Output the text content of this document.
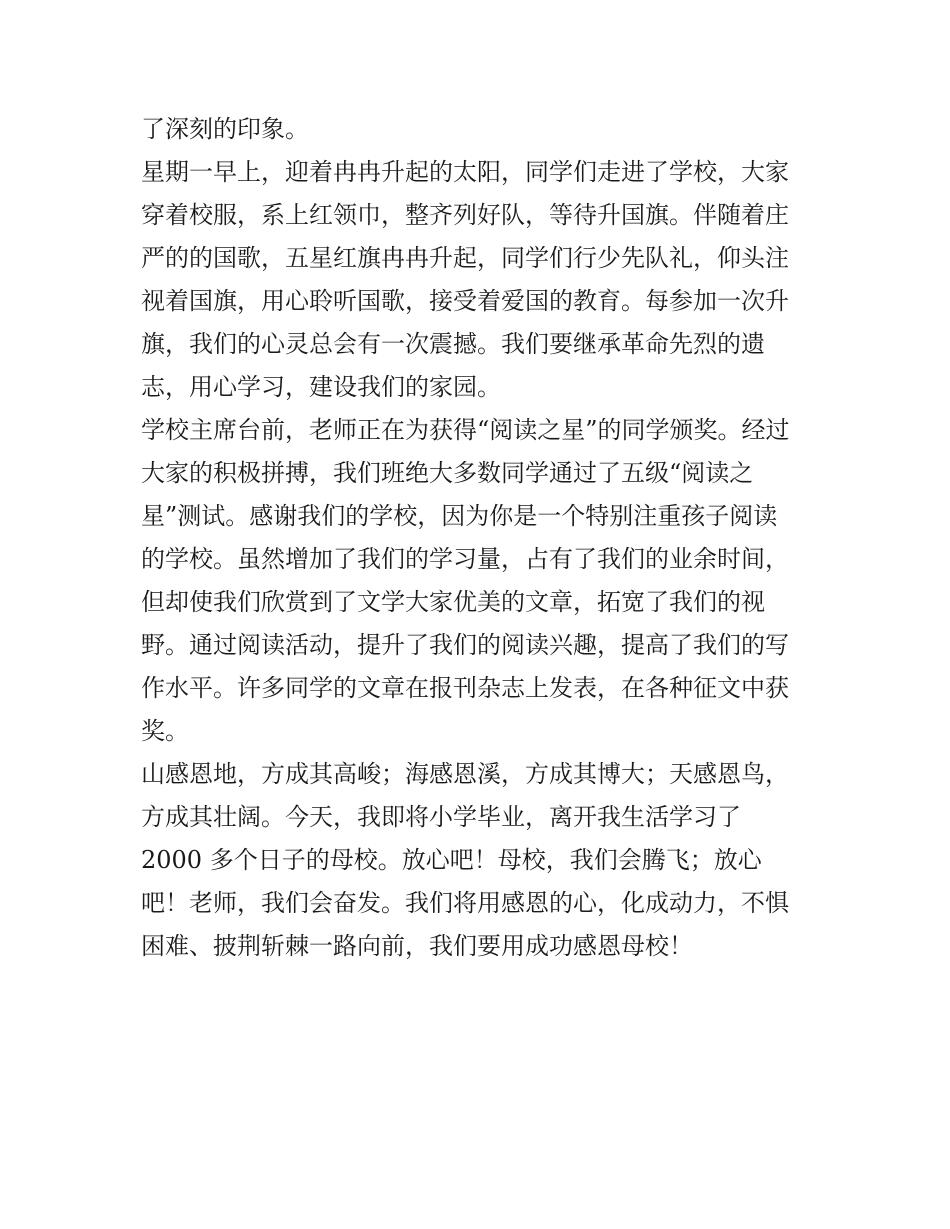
了深刻的印象。
星期一早上，迎着冉冉升起的太阳，同学们走进了学校，大家
穿着校服，系上红领巾，整齐列好队，等待升国旗。伴随着庄
严的的国歌，五星红旗冉冉升起，同学们行少先队礼，仰头注
视着国旗，用心聆听国歌，接受着爱国的教育。每参加一次升
旗，我们的心灵总会有一次震撼。我们要继承革命先烈的遗
志，用心学习，建设我们的家园。
学校主席台前，老师正在为获得“阅读之星”的同学颁奖。经过
大家的积极拼搏，我们班绝大多数同学通过了五级“阅读之
星”测试。感谢我们的学校，因为你是一个特别注重孩子阅读
的学校。虽然增加了我们的学习量，占有了我们的业余时间，
但却使我们欣赏到了文学大家优美的文章，拓宽了我们的视
野。通过阅读活动，提升了我们的阅读兴趣，提高了我们的写
作水平。许多同学的文章在报刊杂志上发表，在各种征文中获
奖。
山感恩地，方成其高峻；海感恩溪，方成其博大；天感恩鸟，
方成其壮阔。今天，我即将小学毕业，离开我生活学习了
2000 多个日子的母校。放心吧！母校，我们会腾飞；放心
吧！老师，我们会奋发。我们将用感恩的心，化成动力，不惧
困难、披荆斩棘一路向前，我们要用成功感恩母校！
